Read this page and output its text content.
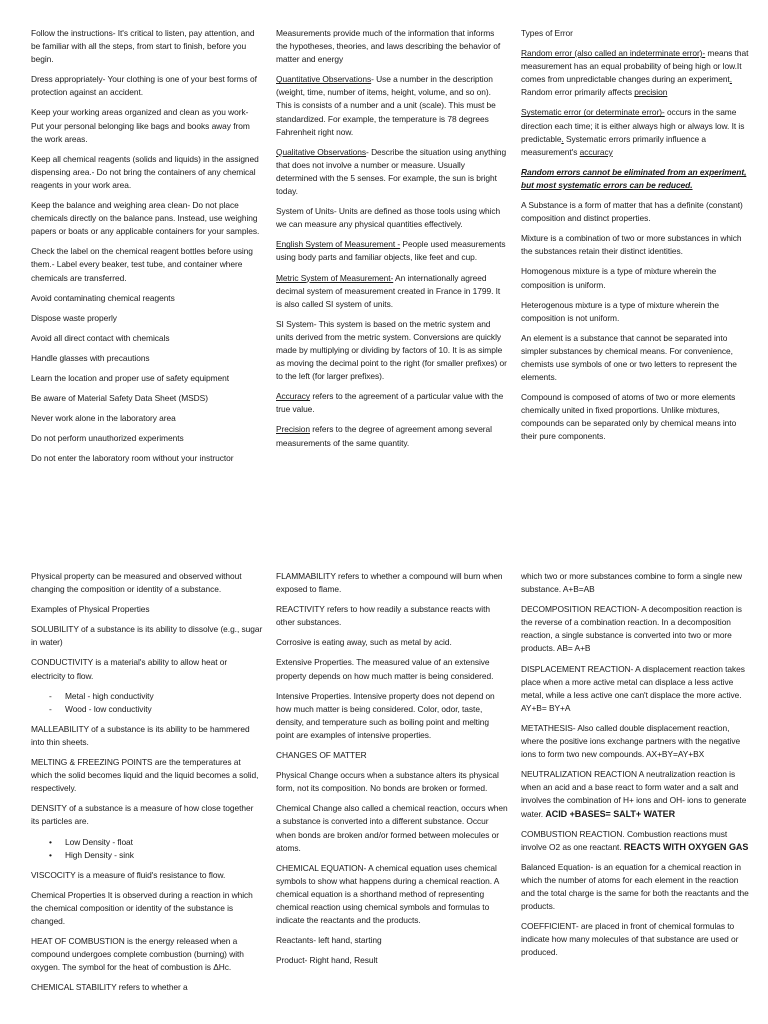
Follow the instructions- It's critical to listen, pay attention, and be familiar with all the steps, from start to finish, before you begin.

Dress appropriately- Your clothing is one of your best forms of protection against an accident.

Keep your working areas organized and clean as you work- Put your personal belonging like bags and books away from the work areas.

Keep all chemical reagents (solids and liquids) in the assigned dispensing area.- Do not bring the containers of any chemical reagents in your work area.

Keep the balance and weighing area clean- Do not place chemicals directly on the balance pans. Instead, use weighing papers or boats or any applicable containers for your samples.

Check the label on the chemical reagent bottles before using them.- Label every beaker, test tube, and container where chemicals are transferred.

Avoid contaminating chemical reagents

Dispose waste properly

Avoid all direct contact with chemicals

Handle glasses with precautions

Learn the location and proper use of safety equipment

Be aware of Material Safety Data Sheet (MSDS)

Never work alone in the laboratory area

Do not perform unauthorized experiments

Do not enter the laboratory room without your instructor

Measurements provide much of the information that informs the hypotheses, theories, and laws describing the behavior of matter and energy

Quantitative Observations- Use a number in the description (weight, time, number of items, height, volume, and so on). This is consists of a number and a unit (scale). This must be standardized. For example, the temperature is 78 degrees Fahrenheit right now.

Qualitative Observations- Describe the situation using anything that does not involve a number or measure. Usually determined with the 5 senses. For example, the sun is bright today.

System of Units- Units are defined as those tools using which we can measure any physical quantities effectively.

English System of Measurement - People used measurements using body parts and familiar objects, like feet and cup.

Metric System of Measurement- An internationally agreed decimal system of measurement created in France in 1799. It is also called SI system of units.

SI System- This system is based on the metric system and units derived from the metric system. Conversions are quickly made by multiplying or dividing by factors of 10. It is as simple as moving the decimal point to the right (for smaller prefixes) or to the left (for larger prefixes).

Accuracy refers to the agreement of a particular value with the true value.

Precision refers to the degree of agreement among several measurements of the same quantity.

Types of Error

Random error (also called an indeterminate error)- means that measurement has an equal probability of being high or low.It comes from unpredictable changes during an experiment. Random error primarily affects precision

Systematic error (or determinate error)- occurs in the same direction each time; it is either always high or always low. It is predictable. Systematic errors primarily influence a measurement's accuracy

Random errors cannot be eliminated from an experiment, but most systematic errors can be reduced.

A Substance is a form of matter that has a definite (constant) composition and distinct properties.

Mixture is a combination of two or more substances in which the substances retain their distinct identities.

Homogenous mixture is a type of mixture wherein the composition is uniform.

Heterogenous mixture is a type of mixture wherein the composition is not uniform.

An element is a substance that cannot be separated into simpler substances by chemical means. For convenience, chemists use symbols of one or two letters to represent the elements.

Compound is composed of atoms of two or more elements chemically united in fixed proportions. Unlike mixtures, compounds can be separated only by chemical means into their pure components.

Physical property can be measured and observed without changing the composition or identity of a substance.

Examples of Physical Properties

SOLUBILITY of a substance is its ability to dissolve (e.g., sugar in water)

CONDUCTIVITY is a material's ability to allow heat or electricity to flow.

- Metal - high conductivity
- Wood - low conductivity

MALLEABILITY of a substance is its ability to be hammered into thin sheets.

MELTING & FREEZING POINTS are the temperatures at which the solid becomes liquid and the liquid becomes a solid, respectively.

DENSITY of a substance is a measure of how close together its particles are.

• Low Density - float
• High Density - sink

VISCOCITY is a measure of fluid's resistance to flow.

Chemical Properties It is observed during a reaction in which the chemical composition or identity of the substance is changed.

HEAT OF COMBUSTION is the energy released when a compound undergoes complete combustion (burning) with oxygen. The symbol for the heat of combustion is ΔHc.

CHEMICAL STABILITY refers to whether a

FLAMMABILITY refers to whether a compound will burn when exposed to flame.

REACTIVITY refers to how readily a substance reacts with other substances.

Corrosive is eating away, such as metal by acid.

Extensive Properties. The measured value of an extensive property depends on how much matter is being considered.

Intensive Properties. Intensive property does not depend on how much matter is being considered. Color, odor, taste, density, and temperature such as boiling point and melting point are examples of intensive properties.

CHANGES OF MATTER

Physical Change occurs when a substance alters its physical form, not its composition. No bonds are broken or formed.

Chemical Change also called a chemical reaction, occurs when a substance is converted into a different substance. Occur when bonds are broken and/or formed between molecules or atoms.

CHEMICAL EQUATION- A chemical equation uses chemical symbols to show what happens during a chemical reaction. A chemical equation is a shorthand method of representing chemical reaction using chemical symbols and formulas to indicate the reactants and the products.

Reactants- left hand, starting

Product- Right hand, Result

which two or more substances combine to form a single new substance. A+B=AB

DECOMPOSITION REACTION- A decomposition reaction is the reverse of a combination reaction. In a decomposition reaction, a single substance is converted into two or more products. AB= A+B

DISPLACEMENT REACTION- A displacement reaction takes place when a more active metal can displace a less active metal, while a less active one can't displace the more active. AY+B= BY+A

METATHESIS- Also called double displacement reaction, where the positive ions exchange partners with the negative ions to form two new compounds. AX+BY=AY+BX

NEUTRALIZATION REACTION A neutralization reaction is when an acid and a base react to form water and a salt and involves the combination of H+ ions and OH- ions to generate water. ACID +BASES= SALT+ WATER

COMBUSTION REACTION. Combustion reactions must involve O2 as one reactant. REACTS WITH OXYGEN GAS

Balanced Equation- is an equation for a chemical reaction in which the number of atoms for each element in the reaction and the total charge is the same for both the reactants and the products.

COEFFICIENT- are placed in front of chemical formulas to indicate how many molecules of that substance are used or produced.
